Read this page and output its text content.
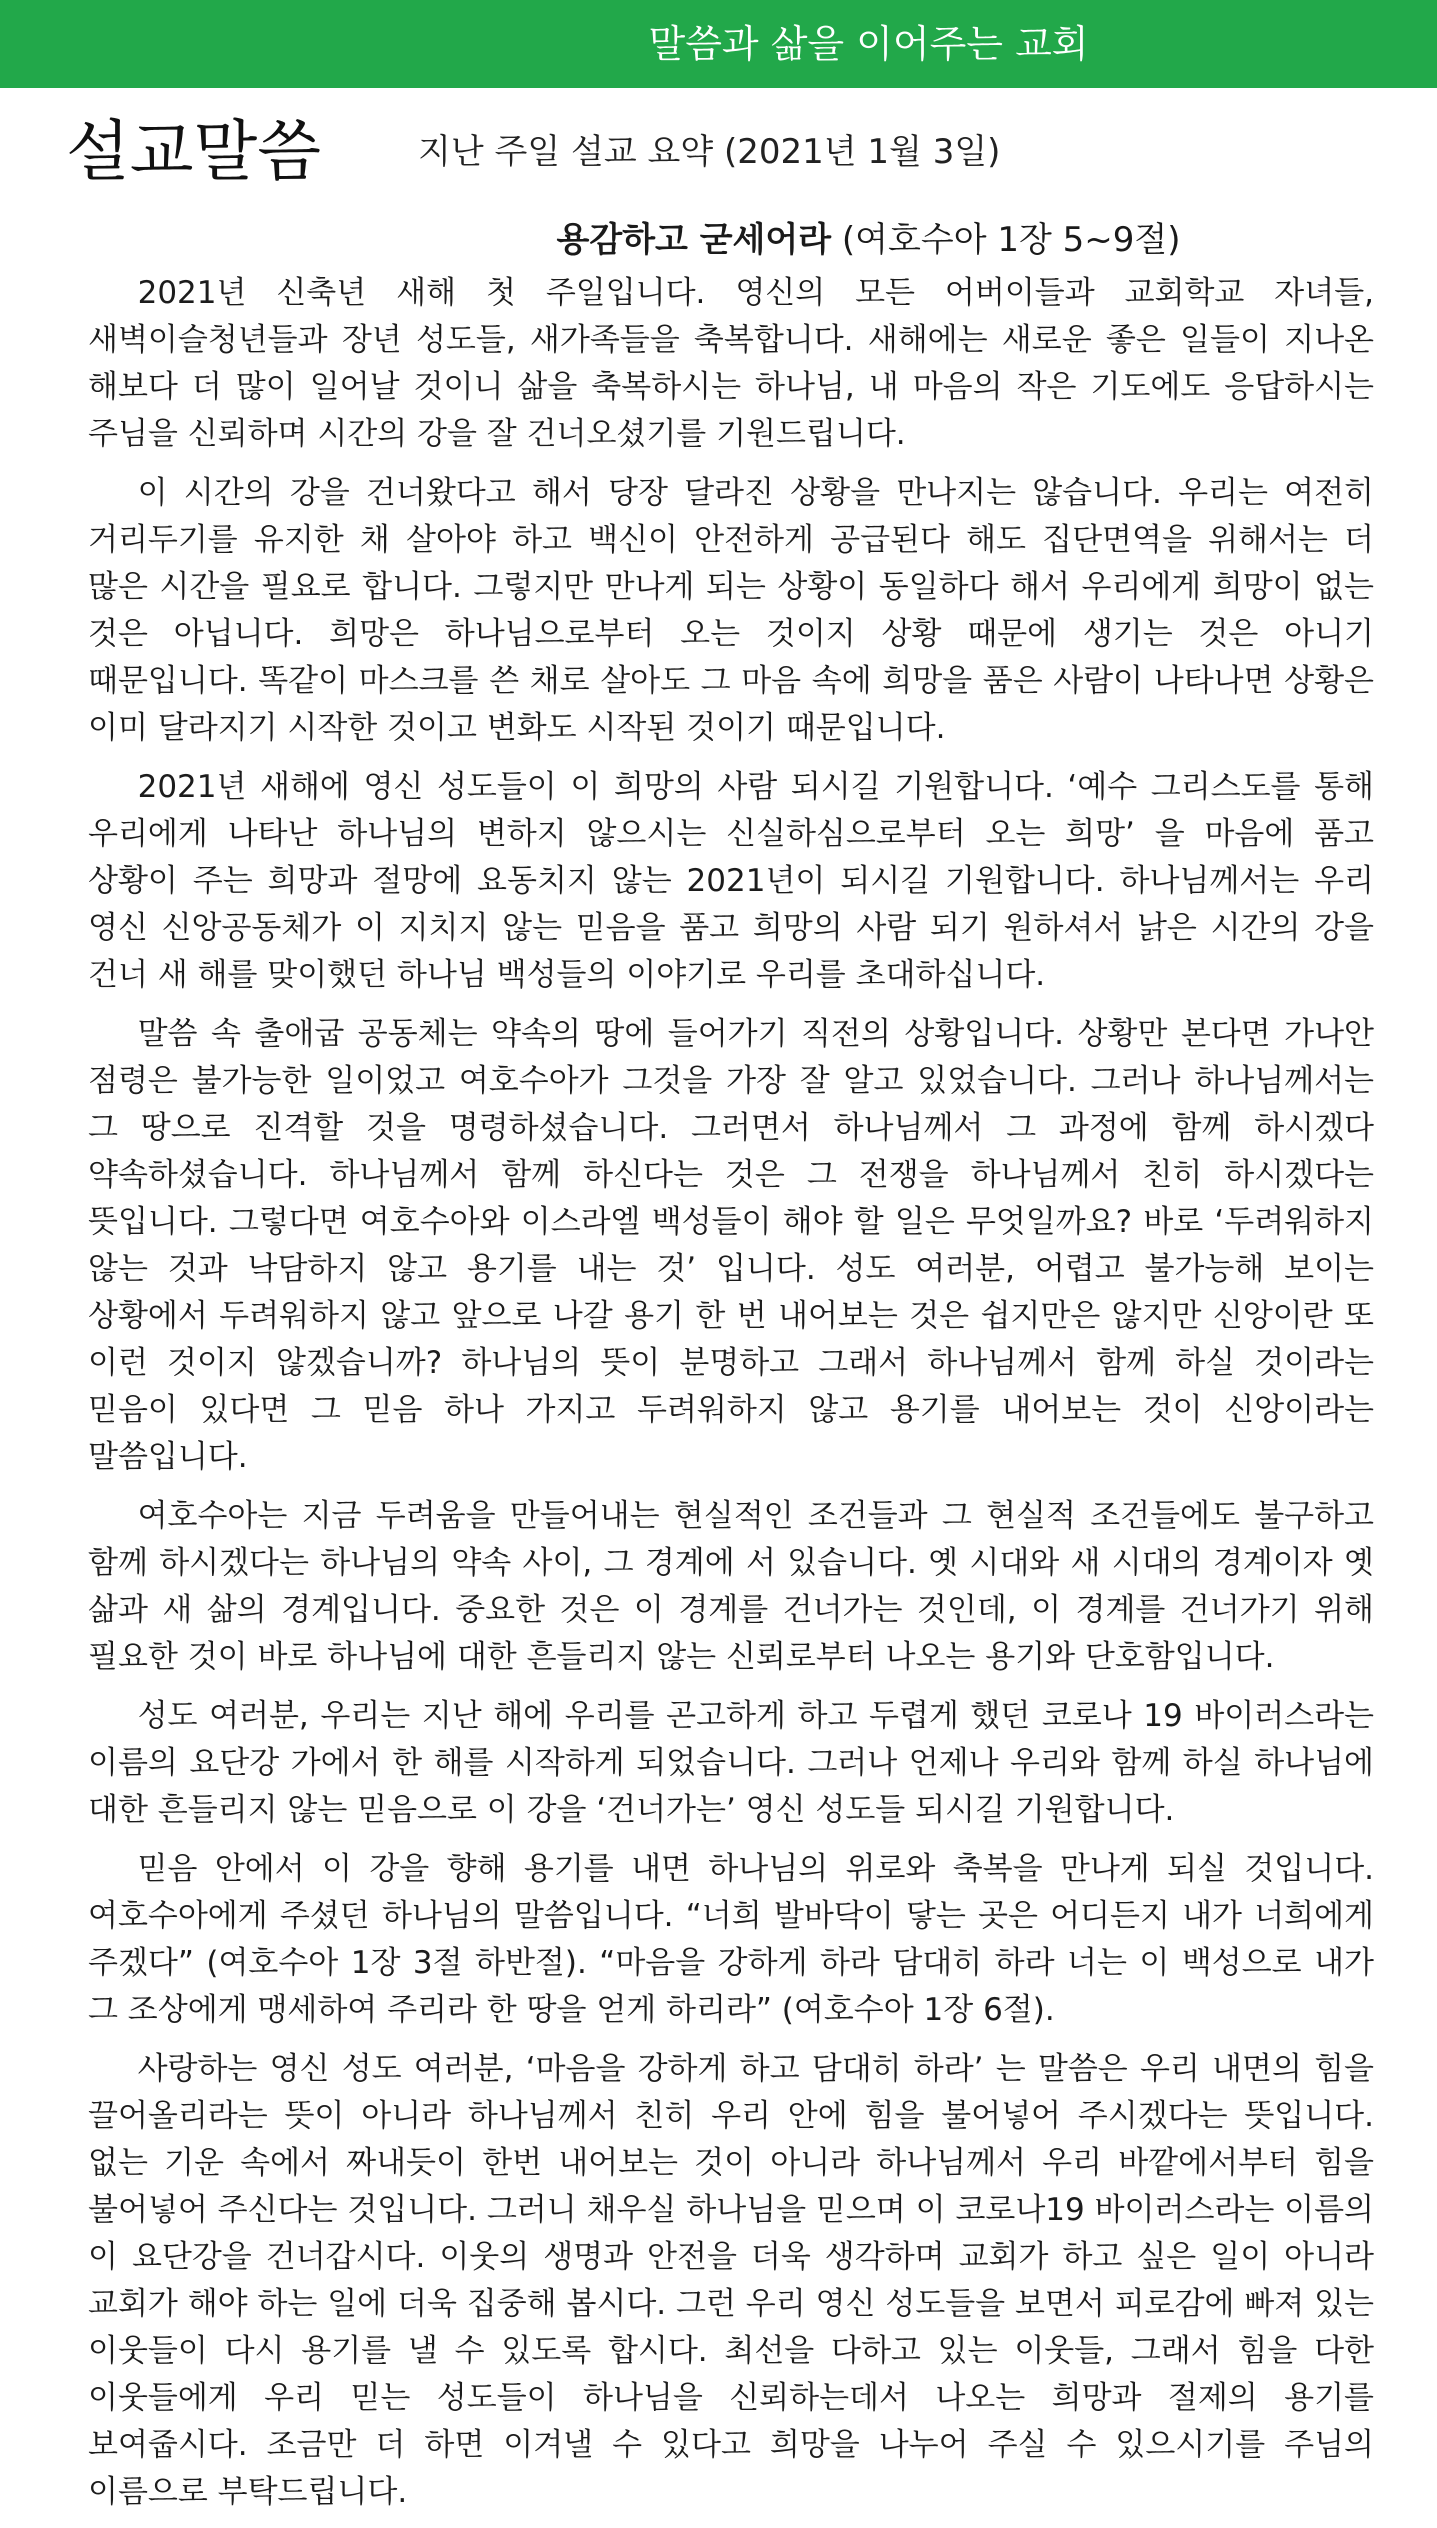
말씀과 삶을 이어주는 교회
설교말씀	지난 주일 설교 요약 (2021년 1월 3일)
용감하고 굳세어라 (여호수아 1장 5~9절)

2021년 신축년 새해 첫 주일입니다. 영신의 모든 어버이들과 교회학교 자녀들, 새벽이슬청년들과 장년 성도들, 새가족들을 축복합니다. 새해에는 새로운 좋은 일들이 지나온 해보다 더 많이 일어날 것이니 삶을 축복하시는 하나님, 내 마음의 작은 기도에도 응답하시는 주님을 신뢰하며 시간의 강을 잘 건너오셨기를 기원드립니다.

이 시간의 강을 건너왔다고 해서 당장 달라진 상황을 만나지는 않습니다. 우리는 여전히 거리두기를 유지한 채 살아야 하고 백신이 안전하게 공급된다 해도 집단면역을 위해서는 더 많은 시간을 필요로 합니다. 그렇지만 만나게 되는 상황이 동일하다 해서 우리에게 희망이 없는 것은 아닙니다. 희망은 하나님으로부터 오는 것이지 상황 때문에 생기는 것은 아니기 때문입니다. 똑같이 마스크를 쓴 채로 살아도 그 마음 속에 희망을 품은 사람이 나타나면 상황은 이미 달라지기 시작한 것이고 변화도 시작된 것이기 때문입니다.

2021년 새해에 영신 성도들이 이 희망의 사람 되시길 기원합니다. ‘예수 그리스도를 통해 우리에게 나타난 하나님의 변하지 않으시는 신실하심으로부터 오는 희망’ 을 마음에 품고 상황이 주는 희망과 절망에 요동치지 않는 2021년이 되시길 기원합니다. 하나님께서는 우리 영신 신앙공동체가 이 지치지 않는 믿음을 품고 희망의 사람 되기 원하셔서 낡은 시간의 강을 건너 새 해를 맞이했던 하나님 백성들의 이야기로 우리를 초대하십니다.

말씀 속 출애굽 공동체는 약속의 땅에 들어가기 직전의 상황입니다. 상황만 본다면 가나안 점령은 불가능한 일이었고 여호수아가 그것을 가장 잘 알고 있었습니다. 그러나 하나님께서는 그 땅으로 진격할 것을 명령하셨습니다. 그러면서 하나님께서 그 과정에 함께 하시겠다 약속하셨습니다. 하나님께서 함께 하신다는 것은 그 전쟁을 하나님께서 친히 하시겠다는 뜻입니다. 그렇다면 여호수아와 이스라엘 백성들이 해야 할 일은 무엇일까요? 바로 ‘두려워하지 않는 것과 낙담하지 않고 용기를 내는 것’ 입니다. 성도 여러분, 어렵고 불가능해 보이는 상황에서 두려워하지 않고 앞으로 나갈 용기 한 번 내어보는 것은 쉽지만은 않지만 신앙이란 또 이런 것이지 않겠습니까? 하나님의 뜻이 분명하고 그래서 하나님께서 함께 하실 것이라는 믿음이 있다면 그 믿음 하나 가지고 두려워하지 않고 용기를 내어보는 것이 신앙이라는 말씀입니다.

여호수아는 지금 두려움을 만들어내는 현실적인 조건들과 그 현실적 조건들에도 불구하고 함께 하시겠다는 하나님의 약속 사이, 그 경계에 서 있습니다. 옛 시대와 새 시대의 경계이자 옛 삶과 새 삶의 경계입니다. 중요한 것은 이 경계를 건너가는 것인데, 이 경계를 건너가기 위해 필요한 것이 바로 하나님에 대한 흔들리지 않는 신뢰로부터 나오는 용기와 단호함입니다.

성도 여러분, 우리는 지난 해에 우리를 곤고하게 하고 두렵게 했던 코로나 19 바이러스라는 이름의 요단강 가에서 한 해를 시작하게 되었습니다. 그러나 언제나 우리와 함께 하실 하나님에 대한 흔들리지 않는 믿음으로 이 강을 ‘건너가는’ 영신 성도들 되시길 기원합니다.

믿음 안에서 이 강을 향해 용기를 내면 하나님의 위로와 축복을 만나게 되실 것입니다. 여호수아에게 주셨던 하나님의 말씀입니다. “너희 발바닥이 닿는 곳은 어디든지 내가 너희에게 주겠다” (여호수아 1장 3절 하반절). “마음을 강하게 하라 담대히 하라 너는 이 백성으로 내가 그 조상에게 맹세하여 주리라 한 땅을 얻게 하리라” (여호수아 1장 6절).

사랑하는 영신 성도 여러분, ‘마음을 강하게 하고 담대히 하라’ 는 말씀은 우리 내면의 힘을 끌어올리라는 뜻이 아니라 하나님께서 친히 우리 안에 힘을 불어넣어 주시겠다는 뜻입니다. 없는 기운 속에서 짜내듯이 한번 내어보는 것이 아니라 하나님께서 우리 바깥에서부터 힘을 불어넣어 주신다는 것입니다. 그러니 채우실 하나님을 믿으며 이 코로나19 바이러스라는 이름의 이 요단강을 건너갑시다. 이웃의 생명과 안전을 더욱 생각하며 교회가 하고 싶은 일이 아니라 교회가 해야 하는 일에 더욱 집중해 봅시다. 그런 우리 영신 성도들을 보면서 피로감에 빠져 있는 이웃들이 다시 용기를 낼 수 있도록 합시다. 최선을 다하고 있는 이웃들, 그래서 힘을 다한 이웃들에게 우리 믿는 성도들이 하나님을 신뢰하는데서 나오는 희망과 절제의 용기를 보여줍시다. 조금만 더 하면 이겨낼 수 있다고 희망을 나누어 주실 수 있으시기를 주님의 이름으로 부탁드립니다.
